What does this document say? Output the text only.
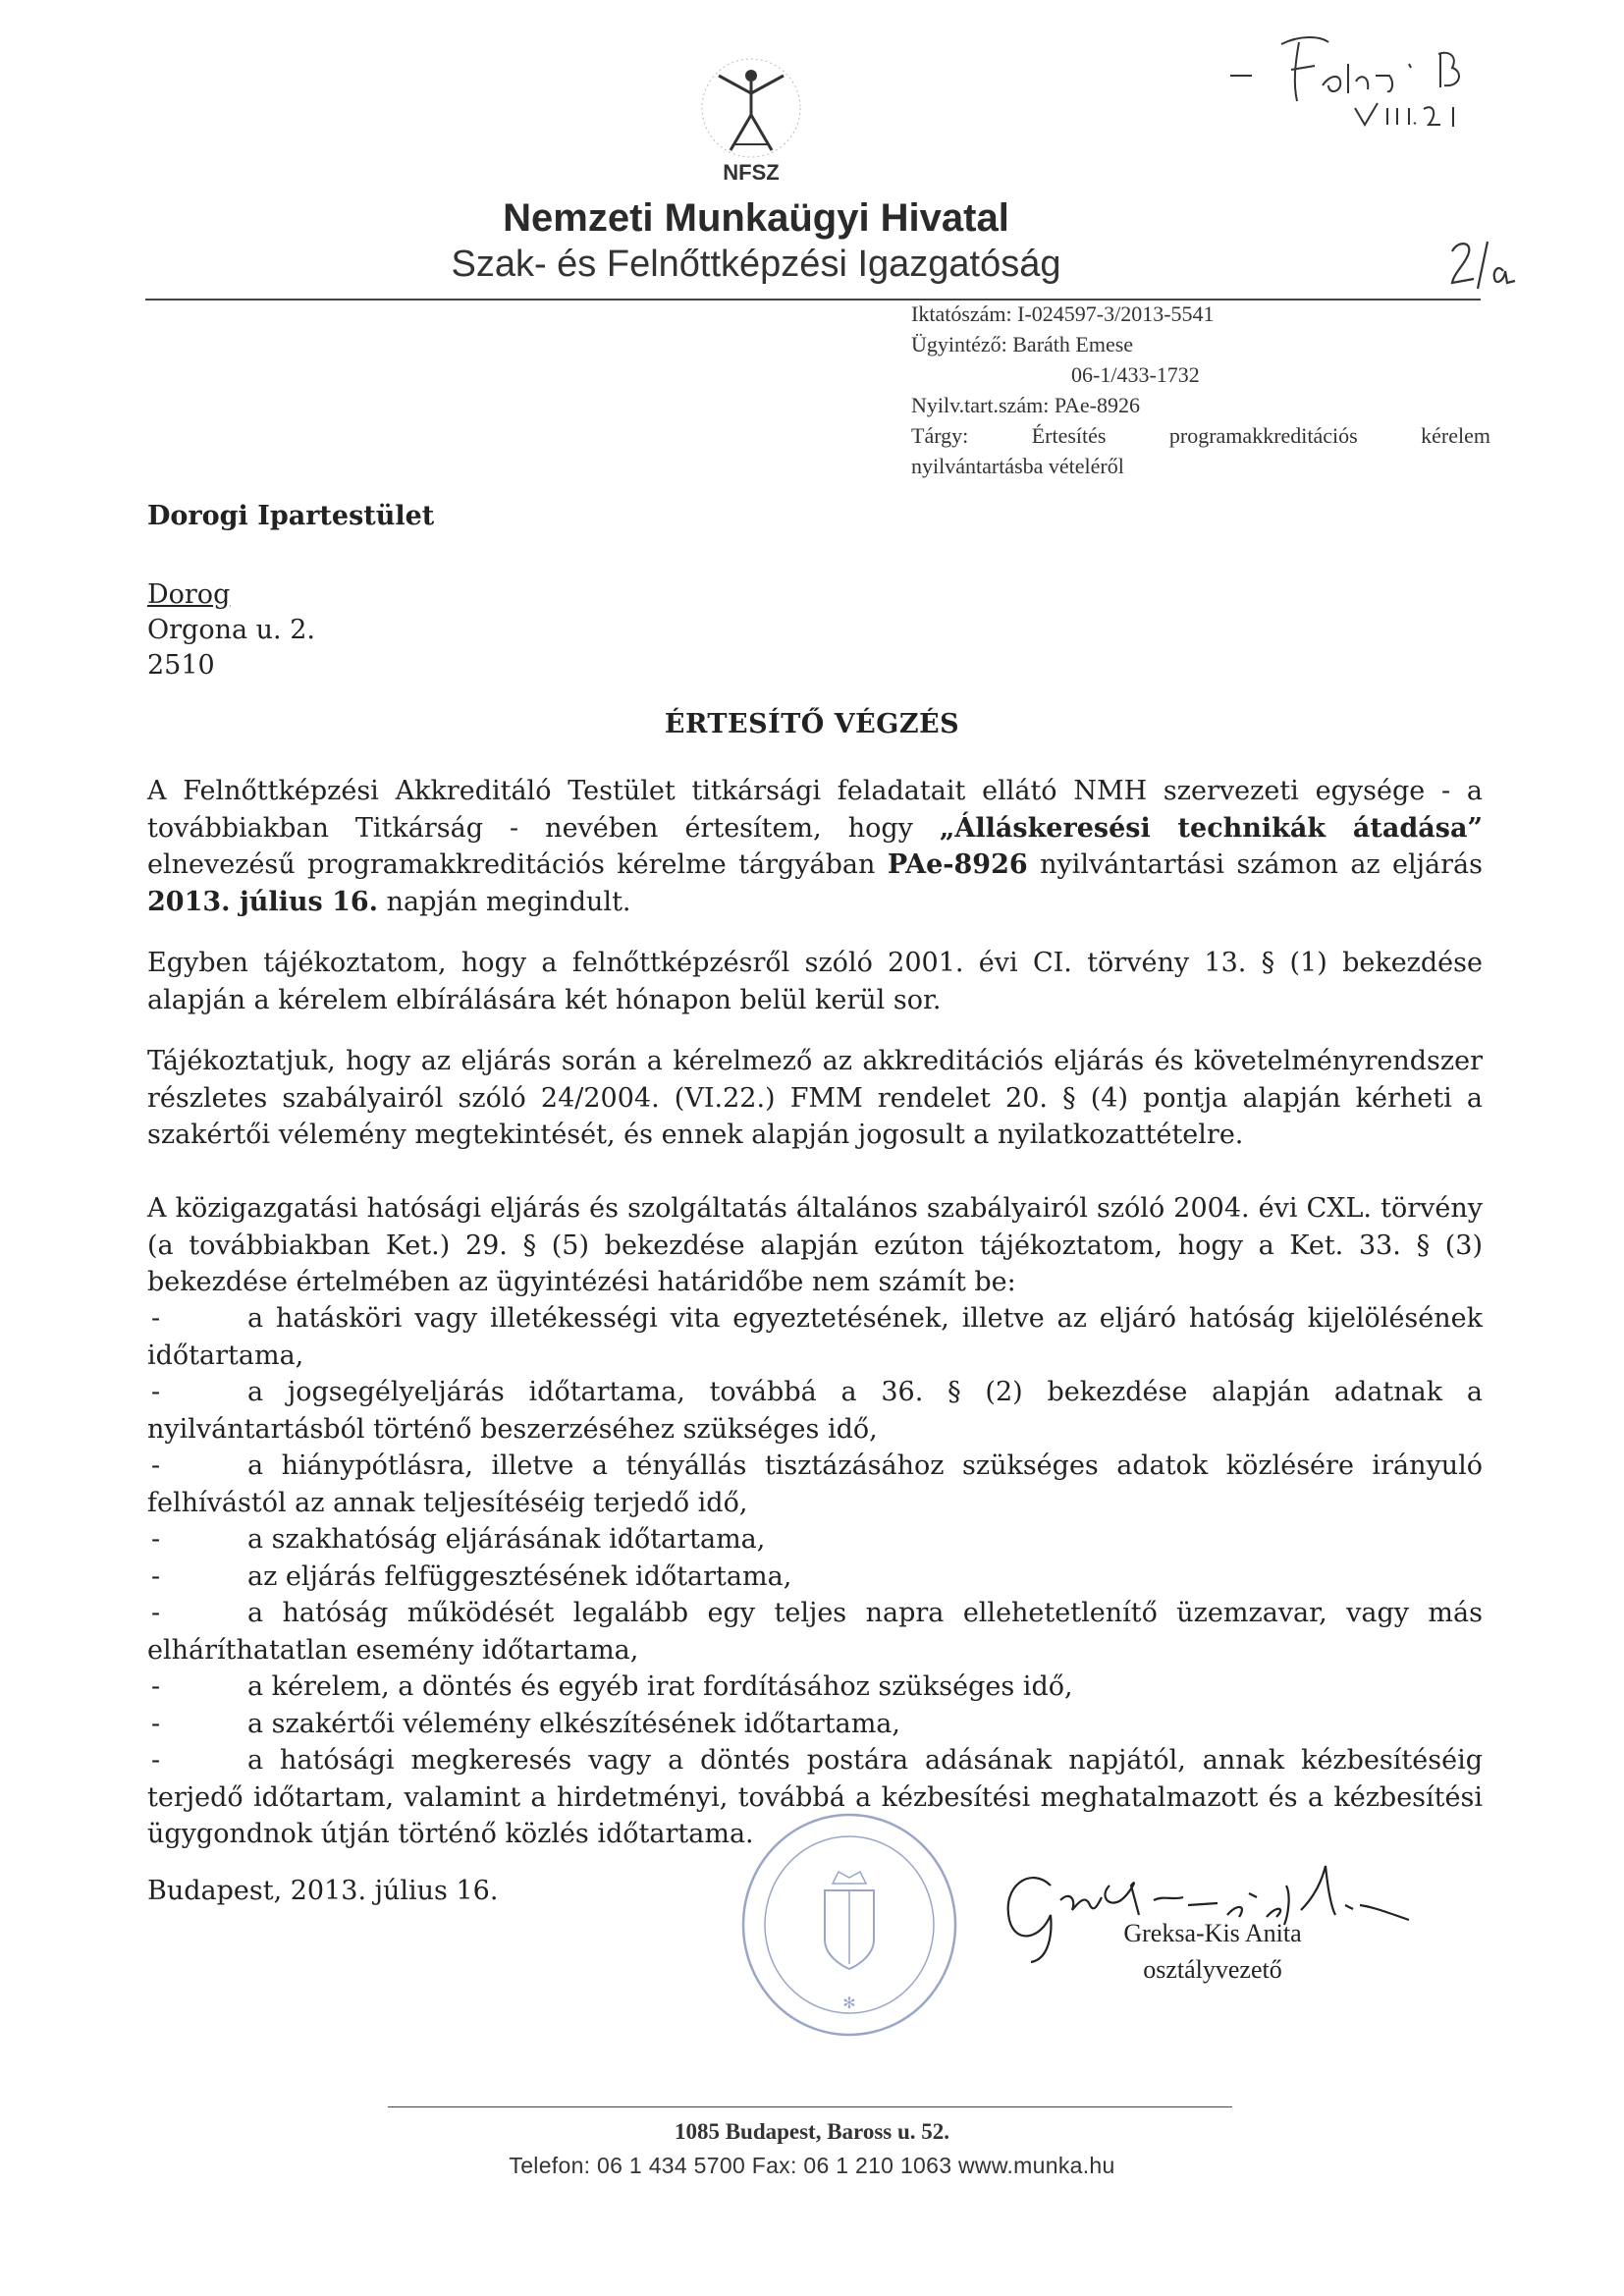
NFSZ
Nemzeti Munkaügyi Hivatal
Szak- és Felnőttképzési Igazgatóság
Iktatószám: I-024597-3/2013-5541
Ügyintéző: Baráth Emese
06-1/433-1732
Nyilv.tart.szám: PAe-8926
Tárgy: Értesítés programakkreditációs kérelem
nyilvántartásba vételéről
Dorogi Ipartestület
Dorog
Orgona u. 2.
2510
ÉRTESÍTŐ VÉGZÉS
A Felnőttképzési Akkreditáló Testület titkársági feladatait ellátó NMH szervezeti egysége - a továbbiakban Titkárság - nevében értesítem, hogy „Álláskeresési technikák átadása” elnevezésű programakkreditációs kérelme tárgyában PAe-8926 nyilvántartási számon az eljárás 2013. július 16. napján megindult.
Egyben tájékoztatom, hogy a felnőttképzésről szóló 2001. évi CI. törvény 13. § (1) bekezdése alapján a kérelem elbírálására két hónapon belül kerül sor.
Tájékoztatjuk, hogy az eljárás során a kérelmező az akkreditációs eljárás és követelményrendszer részletes szabályairól szóló 24/2004. (VI.22.) FMM rendelet 20. § (4) pontja alapján kérheti a szakértői vélemény megtekintését, és ennek alapján jogosult a nyilatkozattételre.
A közigazgatási hatósági eljárás és szolgáltatás általános szabályairól szóló 2004. évi CXL. törvény (a továbbiakban Ket.) 29. § (5) bekezdése alapján ezúton tájékoztatom, hogy a Ket. 33. § (3) bekezdése értelmében az ügyintézési határidőbe nem számít be:
-	a hatásköri vagy illetékességi vita egyeztetésének, illetve az eljáró hatóság kijelölésének időtartama,
-	a jogsegélyeljárás időtartama, továbbá a 36. § (2) bekezdése alapján adatnak a nyilvántartásból történő beszerzéséhez szükséges idő,
-	a hiánypótlásra, illetve a tényállás tisztázásához szükséges adatok közlésére irányuló felhívástól az annak teljesítéséig terjedő idő,
-	a szakhatóság eljárásának időtartama,
-	az eljárás felfüggesztésének időtartama,
-	a hatóság működését legalább egy teljes napra ellehetetlenítő üzemzavar, vagy más elháríthatatlan esemény időtartama,
-	a kérelem, a döntés és egyéb irat fordításához szükséges idő,
-	a szakértői vélemény elkészítésének időtartama,
-	a hatósági megkeresés vagy a döntés postára adásának napjától, annak kézbesítéséig terjedő időtartam, valamint a hirdetményi, továbbá a kézbesítési meghatalmazott és a kézbesítési ügygondnok útján történő közlés időtartama.
Budapest, 2013. július 16.
✻
Greksa-Kis Anita
osztályvezető
1085 Budapest, Baross u. 52.
Telefon: 06 1 434 5700 Fax: 06 1 210 1063 www.munka.hu
